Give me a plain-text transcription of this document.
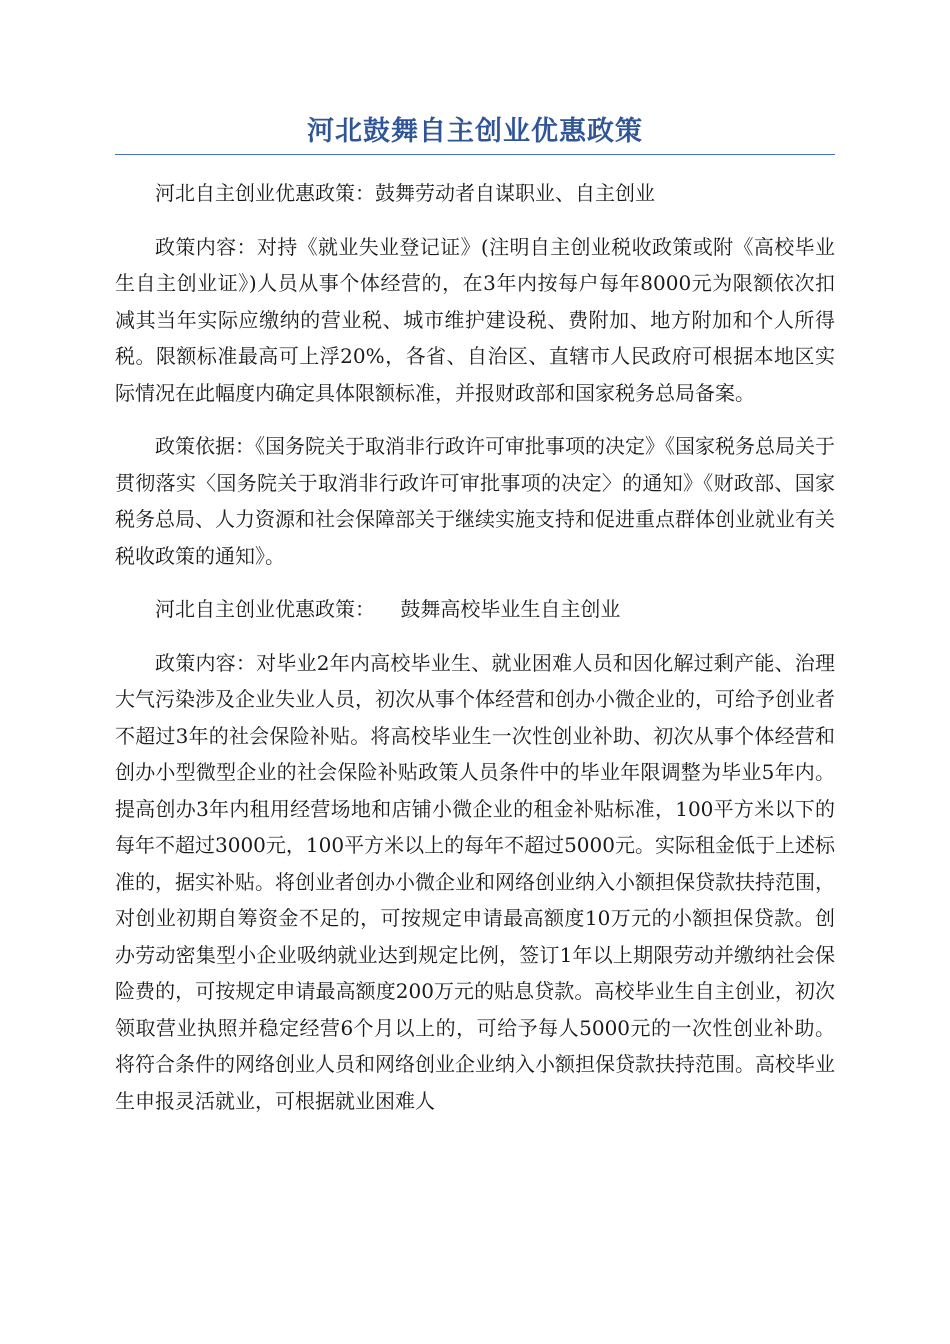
河北鼓舞自主创业优惠政策

河北自主创业优惠政策：鼓舞劳动者自谋职业、自主创业

政策内容：对持《就业失业登记证》(注明自主创业税收政策或附《高校毕业生自主创业证》)人员从事个体经营的，在3年内按每户每年8000元为限额依次扣减其当年实际应缴纳的营业税、城市维护建设税、费附加、地方附加和个人所得税。限额标准最高可上浮20%，各省、自治区、直辖市人民政府可根据本地区实际情况在此幅度内确定具体限额标准，并报财政部和国家税务总局备案。

政策依据：《国务院关于取消非行政许可审批事项的决定》《国家税务总局关于贯彻落实〈国务院关于取消非行政许可审批事项的决定〉的通知》《财政部、国家税务总局、人力资源和社会保障部关于继续实施支持和促进重点群体创业就业有关税收政策的通知》。

河北自主创业优惠政策：    鼓舞高校毕业生自主创业

政策内容：对毕业2年内高校毕业生、就业困难人员和因化解过剩产能、治理大气污染涉及企业失业人员，初次从事个体经营和创办小微企业的，可给予创业者不超过3年的社会保险补贴。将高校毕业生一次性创业补助、初次从事个体经营和创办小型微型企业的社会保险补贴政策人员条件中的毕业年限调整为毕业5年内。提高创办3年内租用经营场地和店铺小微企业的租金补贴标准，100平方米以下的每年不超过3000元，100平方米以上的每年不超过5000元。实际租金低于上述标准的，据实补贴。将创业者创办小微企业和网络创业纳入小额担保贷款扶持范围，对创业初期自筹资金不足的，可按规定申请最高额度10万元的小额担保贷款。创办劳动密集型小企业吸纳就业达到规定比例，签订1年以上期限劳动并缴纳社会保险费的，可按规定申请最高额度200万元的贴息贷款。高校毕业生自主创业，初次领取营业执照并稳定经营6个月以上的，可给予每人5000元的一次性创业补助。将符合条件的网络创业人员和网络创业企业纳入小额担保贷款扶持范围。高校毕业生申报灵活就业，可根据就业困难人
